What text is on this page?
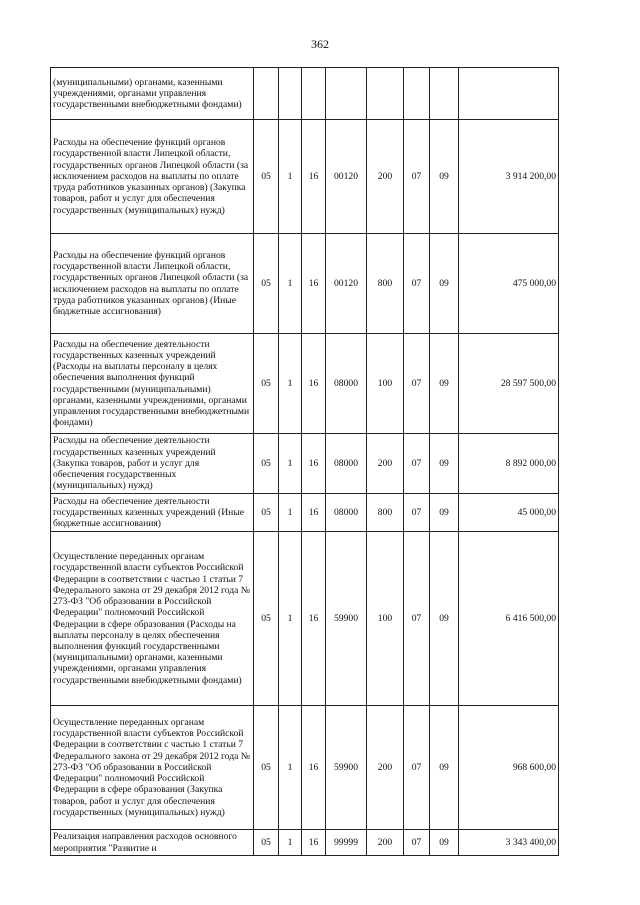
362
(муниципальными) органами, казенными учреждениями, органами управления государственными внебюджетными фондами)								

Расходы на обеспечение функций органов государственной власти Липецкой области, государственных органов Липецкой области (за исключением расходов на выплаты по оплате труда работников указанных органов) (Закупка товаров, работ и услуг для обеспечения государственных (муниципальных) нужд)	05	1	16	00120	200	07	09	3 914 200,00

Расходы на обеспечение функций органов государственной власти Липецкой области, государственных органов Липецкой области (за исключением расходов на выплаты по оплате труда работников указанных органов) (Иные бюджетные ассигнования)	05	1	16	00120	800	07	09	475 000,00

Расходы на обеспечение деятельности государственных казенных учреждений (Расходы на выплаты персоналу в целях обеспечения выполнения функций государственными (муниципальными) органами, казенными учреждениями, органами управления государственными внебюджетными фондами)	05	1	16	08000	100	07	09	28 597 500,00

Расходы на обеспечение деятельности государственных казенных учреждений (Закупка товаров, работ и услуг для обеспечения государственных (муниципальных) нужд)	05	1	16	08000	200	07	09	8 892 000,00

Расходы на обеспечение деятельности государственных казенных учреждений (Иные бюджетные ассигнования)	05	1	16	08000	800	07	09	45 000,00

Осуществление переданных органам государственной власти субъектов Российской Федерации в соответствии с частью 1 статьи 7 Федерального закона от 29 декабря 2012 года № 273-ФЗ "Об образовании в Российской Федерации" полномочий Российской Федерации в сфере образования (Расходы на выплаты персоналу в целях обеспечения выполнения функций государственными (муниципальными) органами, казенными учреждениями, органами управления государственными внебюджетными фондами)	05	1	16	59900	100	07	09	6 416 500,00

Осуществление переданных органам государственной власти субъектов Российской Федерации в соответствии с частью 1 статьи 7 Федерального закона от 29 декабря 2012 года № 273-ФЗ "Об образовании в Российской Федерации" полномочий Российской Федерации в сфере образования (Закупка товаров, работ и услуг для обеспечения государственных (муниципальных) нужд)	05	1	16	59900	200	07	09	968 600,00

Реализация направления расходов основного мероприятия "Развитие и	05	1	16	99999	200	07	09	3 343 400,00
